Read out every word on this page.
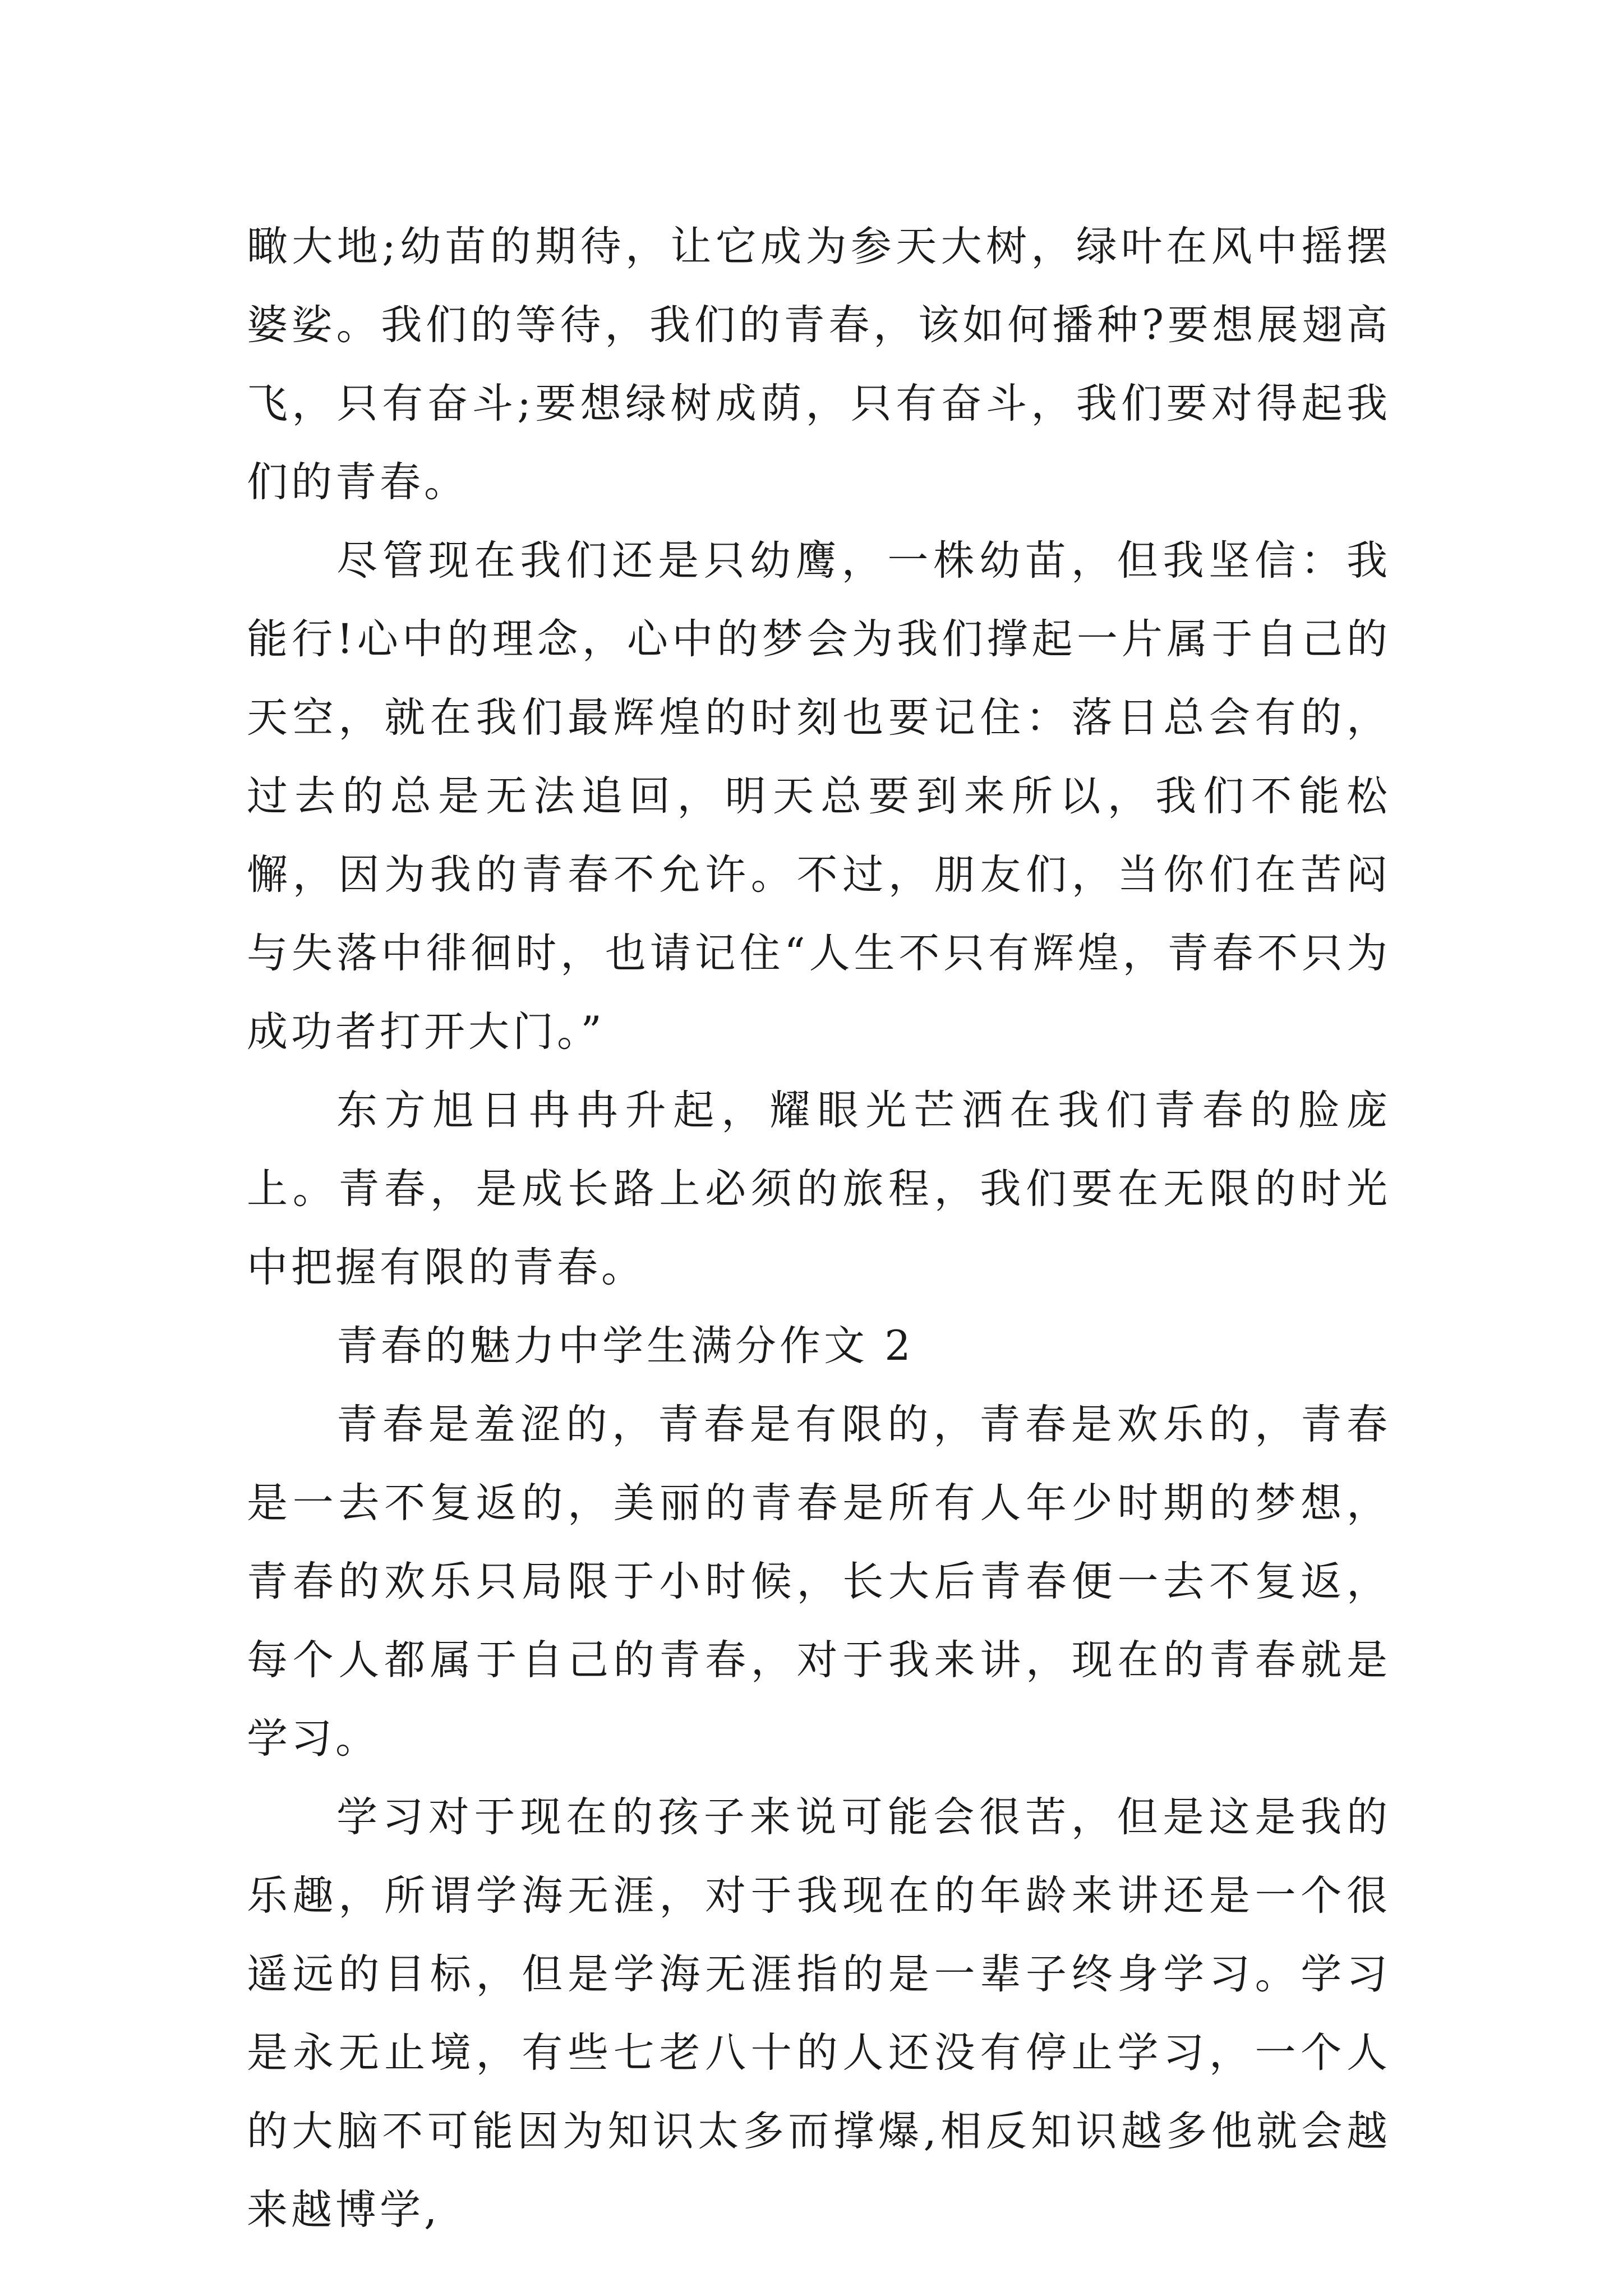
瞰大地;幼苗的期待，让它成为参天大树，绿叶在风中摇摆婆娑。我们的等待，我们的青春，该如何播种?要想展翅高飞，只有奋斗;要想绿树成荫，只有奋斗，我们要对得起我们的青春。

尽管现在我们还是只幼鹰，一株幼苗，但我坚信：我能行!心中的理念，心中的梦会为我们撑起一片属于自己的天空，就在我们最辉煌的时刻也要记住：落日总会有的，过去的总是无法追回，明天总要到来所以，我们不能松懈，因为我的青春不允许。不过，朋友们，当你们在苦闷与失落中徘徊时，也请记住“人生不只有辉煌，青春不只为成功者打开大门。”

东方旭日冉冉升起，耀眼光芒洒在我们青春的脸庞上。青春，是成长路上必须的旅程，我们要在无限的时光中把握有限的青春。

青春的魅力中学生满分作文 2

青春是羞涩的，青春是有限的，青春是欢乐的，青春是一去不复返的，美丽的青春是所有人年少时期的梦想，青春的欢乐只局限于小时候，长大后青春便一去不复返，每个人都属于自己的青春，对于我来讲，现在的青春就是学习。

学习对于现在的孩子来说可能会很苦，但是这是我的乐趣，所谓学海无涯，对于我现在的年龄来讲还是一个很遥远的目标，但是学海无涯指的是一辈子终身学习。学习是永无止境，有些七老八十的人还没有停止学习，一个人的大脑不可能因为知识太多而撑爆,相反知识越多他就会越来越博学,
